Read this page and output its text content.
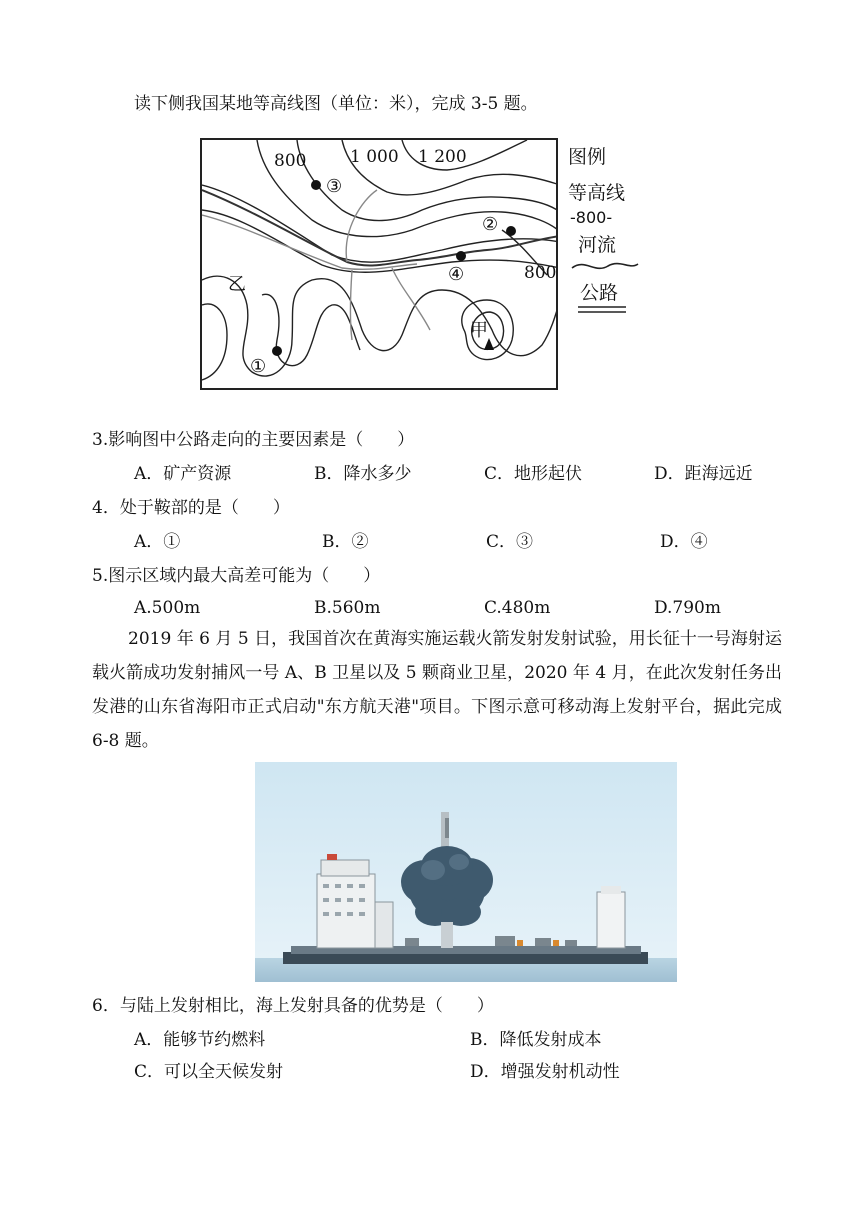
读下侧我国某地等高线图（单位：米），完成 3-5 题。
800	1 000 1 200
800
③
②
④
①
乙
甲
图例
等高线
-800-
河流
公路
3.影响图中公路走向的主要因素是（　　）
A．矿产资源	B．降水多少	C．地形起伏	D．距海远近
4．处于鞍部的是（　　）
A．①	B．②	C．③	D．④
5.图示区域内最大高差可能为（　　）
A.500m	B.560m	C.480m	D.790m
2019 年 6 月 5 日，我国首次在黄海实施运载火箭发射发射试验，用长征十一号海射运载火箭成功发射捕风一号 A、B 卫星以及 5 颗商业卫星，2020 年 4 月，在此次发射任务出发港的山东省海阳市正式启动"东方航天港"项目。下图示意可移动海上发射平台，据此完成 6-8 题。
6．与陆上发射相比，海上发射具备的优势是（　　）
A．能够节约燃料	B．降低发射成本
C．可以全天候发射	D．增强发射机动性
